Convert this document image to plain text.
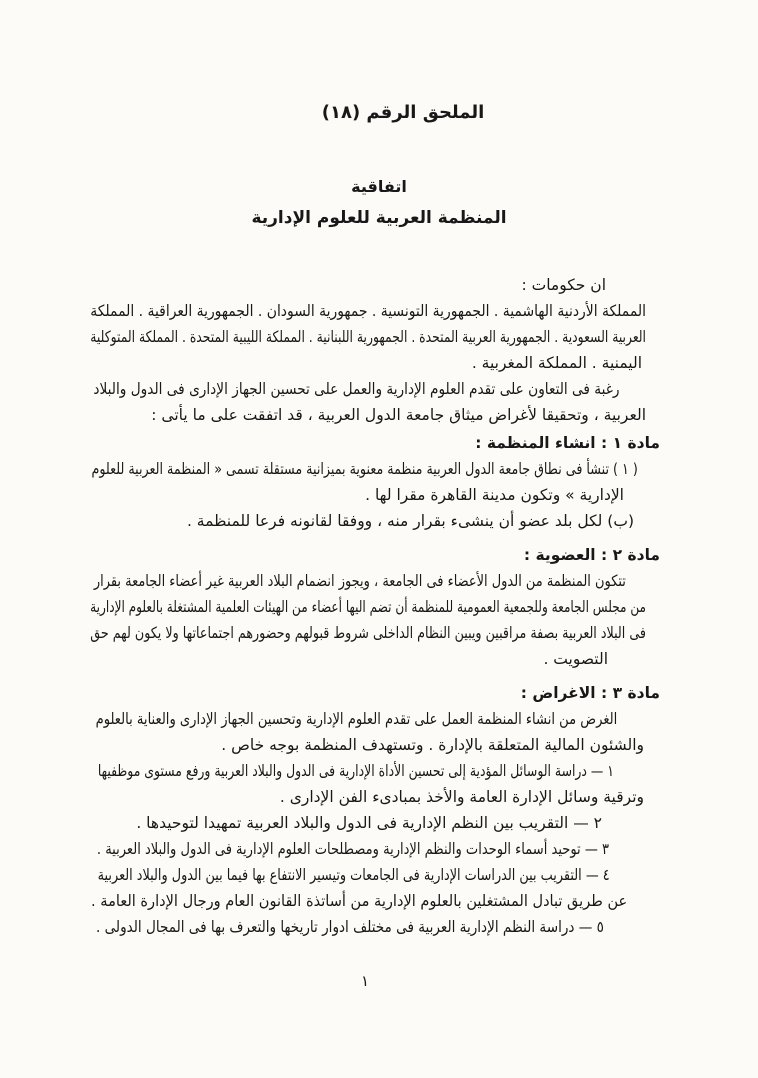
الملحق الرقم (١٨)
اتفاقية
المنظمة العربية للعلوم الإدارية
ان حكومات :
المملكة الأردنية الهاشمية . الجمهورية التونسية . جمهورية السودان . الجمهورية العراقية . المملكة
العربية السعودية . الجمهورية العربية المتحدة . الجمهورية اللبنانية . المملكة الليبية المتحدة . المملكة المتوكلية
اليمنية . المملكة المغربية .
رغبة فى التعاون على تقدم العلوم الإدارية والعمل على تحسين الجهاز الإدارى فى الدول والبلاد
العربية ، وتحقيقا لأغراض ميثاق جامعة الدول العربية ، قد اتفقت على ما يأتى :
مادة ١ : انشاء المنظمة :
( ١ ) تنشأ فى نطاق جامعة الدول العربية منظمة معنوية بميزانية مستقلة تسمى « المنظمة العربية للعلوم
الإدارية » وتكون مدينة القاهرة مقرا لها .
(ب) لكل بلد عضو أن ينشىء بقرار منه ، ووفقا لقانونه فرعا للمنظمة .
مادة ٢ : العضوية :
تتكون المنظمة من الدول الأعضاء فى الجامعة ، ويجوز انضمام البلاد العربية غير أعضاء الجامعة بقرار
من مجلس الجامعة وللجمعية العمومية للمنظمة أن تضم اليها أعضاء من الهيئات العلمية المشتغلة بالعلوم الإدارية
فى البلاد العربية بصفة مراقبين ويبين النظام الداخلى شروط قبولهم وحضورهم اجتماعاتها ولا يكون لهم حق
التصويت .
مادة ٣ : الاغراض :
الغرض من انشاء المنظمة العمل على تقدم العلوم الإدارية وتحسين الجهاز الإدارى والعناية بالعلوم
والشئون المالية المتعلقة بالإدارة . وتستهدف المنظمة بوجه خاص .
١ — دراسة الوسائل المؤدية إلى تحسين الأداة الإدارية فى الدول والبلاد العربية ورفع مستوى موظفيها
وترقية وسائل الإدارة العامة والأخذ بمبادىء الفن الإدارى .
٢ — التقريب بين النظم الإدارية فى الدول والبلاد العربية تمهيدا لتوحيدها .
٣ — توحيد أسماء الوحدات والنظم الإدارية ومصطلحات العلوم الإدارية فى الدول والبلاد العربية .
٤ — التقريب بين الدراسات الإدارية فى الجامعات وتيسير الانتفاع بها فيما بين الدول والبلاد العربية
عن طريق تبادل المشتغلين بالعلوم الإدارية من أساتذة القانون العام ورجال الإدارة العامة .
٥ — دراسة النظم الإدارية العربية فى مختلف ادوار تاريخها والتعرف بها فى المجال الدولى .
١
